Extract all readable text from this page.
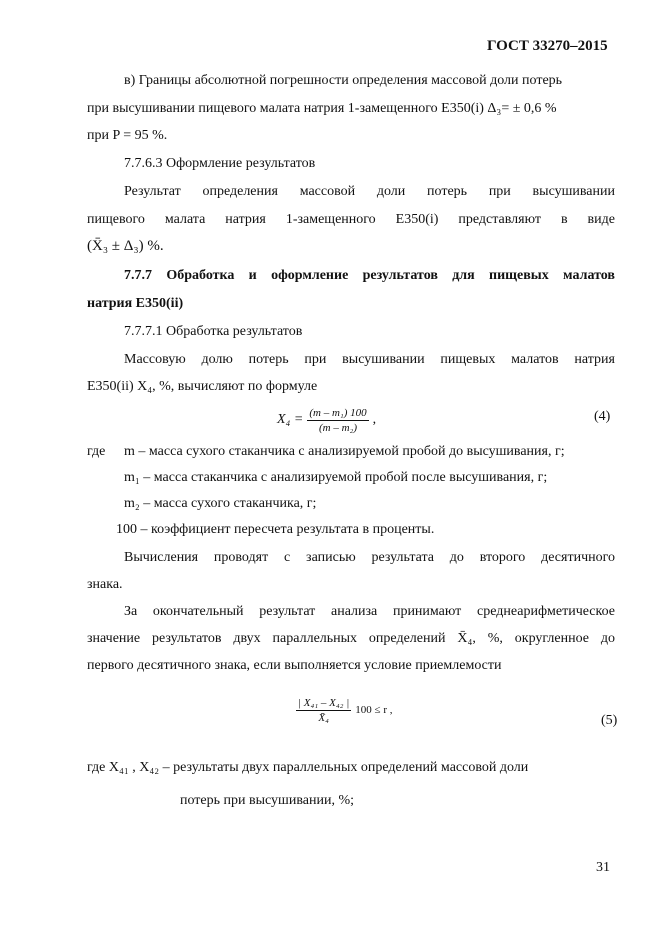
ГОСТ 33270–2015
в) Границы абсолютной погрешности определения массовой доли потерь
при высушивании пищевого малата натрия 1-замещенного Е350(i) Δ₃= ± 0,6 %
при P = 95 %.
7.7.6.3 Оформление результатов
Результат определения массовой доли потерь при высушивании
пищевого малата натрия 1-замещенного Е350(i) представляют в виде
(X̄₃ ± Δ₃) %.
7.7.7 Обработка и оформление результатов для пищевых малатов
натрия Е350(ii)
7.7.7.1 Обработка результатов
Массовую долю потерь при высушивании пищевых малатов натрия
Е350(ii) X₄, %, вычисляют по формуле
$X_4 = \frac{\text{(m – m₁) 100}}{\text{(m – m₂)}}$ ,	(4)
где m – масса сухого стаканчика с анализируемой пробой до высушивания, г;
m₁ – масса стаканчика с анализируемой пробой после высушивания, г;
m₂ – масса сухого стаканчика, г;
100 – коэффициент пересчета результата в проценты.
Вычисления проводят с записью результата до второго десятичного
знака.
За окончательный результат анализа принимают среднеарифметическое
значение результатов двух параллельных определений X̄₄, %, округленное до
первого десятичного знака, если выполняется условие приемлемости
$\frac{\text{| X₄₁ – X₄₂ |}}{\text{X̄₄}} 100 \le r$ ,
(5)
где X₄₁ , X₄₂ – результаты двух параллельных определений массовой доли
потерь при высушивании, %;
31
